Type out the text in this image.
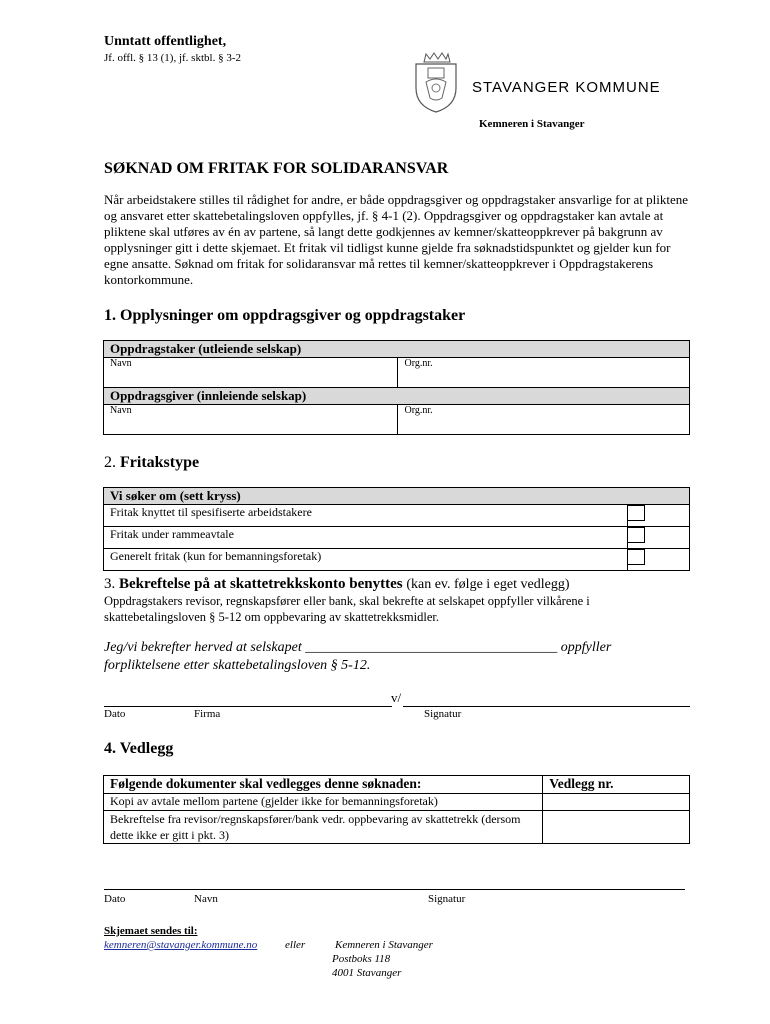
Unntatt offentlighet,
Jf. offl. § 13 (1), jf. sktbl. § 3-2
STAVANGER KOMMUNE
Kemneren i Stavanger
SØKNAD OM FRITAK FOR SOLIDARANSVAR
Når arbeidstakere stilles til rådighet for andre, er både oppdragsgiver og oppdragstaker ansvarlige for at pliktene og ansvaret etter skattebetalingsloven oppfylles, jf. § 4-1 (2). Oppdragsgiver og oppdragstaker kan avtale at pliktene skal utføres av én av partene, så langt dette godkjennes av kemner/skatteoppkrever på bakgrunn av opplysninger gitt i dette skjemaet. Et fritak vil tidligst kunne gjelde fra søknadstidspunktet og gjelder kun for egne ansatte. Søknad om fritak for solidaransvar må rettes til kemner/skatteoppkrever i Oppdragstakerens kontorkommune.
1. Opplysninger om oppdragsgiver og oppdragstaker
Oppdragstaker (utleiende selskap)	
Navn	Org.nr.
Oppdragsgiver (innleiende selskap)	
Navn	Org.nr.
2. Fritakstype
Vi søker om (sett kryss)	
Fritak knyttet til spesifiserte arbeidstakere	
Fritak under rammeavtale	
Generelt fritak (kun for bemanningsforetak)	
3. Bekreftelse på at skattetrekkskonto benyttes (kan ev. følge i eget vedlegg)
Oppdragstakers revisor, regnskapsfører eller bank, skal bekrefte at selskapet oppfyller vilkårene i skattebetalingsloven § 5-12 om oppbevaring av skattetrekksmidler.
Jeg/vi bekrefter herved at selskapet ____________________________________ oppfyller
forpliktelsene etter skattebetalingsloven § 5-12.
v/
Dato	Firma	Signatur
4. Vedlegg
Følgende dokumenter skal vedlegges denne søknaden:	Vedlegg nr.
Kopi av avtale mellom partene (gjelder ikke for bemanningsforetak)	
Bekreftelse fra revisor/regnskapsfører/bank vedr. oppbevaring av skattetrekk (dersom dette ikke er gitt i pkt. 3)	
Dato	Navn	Signatur
Skjemaet sendes til:
kemneren@stavanger.kommune.no	eller	Kemneren i Stavanger
Postboks 118
4001 Stavanger
